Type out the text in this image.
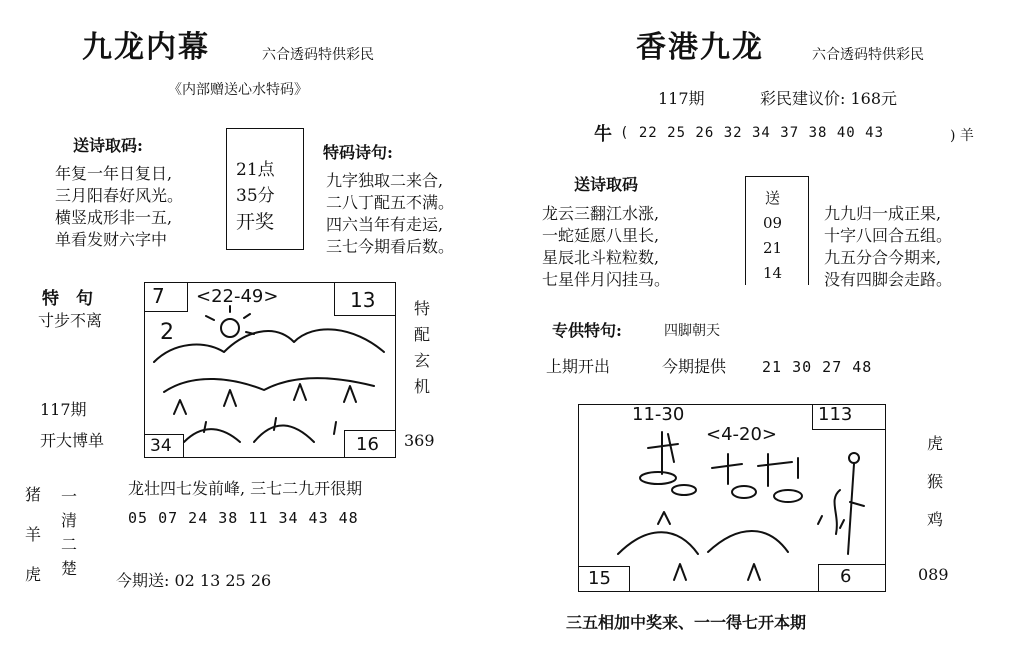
九龙内幕	六合透码特供彩民
《内部赠送心水特码》
送诗取码:
年复一年日复日,
三月阳春好风光。
横竖成形非一五,
单看发财六字中
21点
35分
开奖
特码诗句:
九字独取二来合,
二八丁配五不满。
四六当年有走运,
三七今期看后数。
特　句
寸步不离
117期
开大博单
7 <22-49>	13
2
34	16
特
配
玄
机
369
猪
羊
虎
一
清
二
楚
龙壮四七发前峰, 三七二九开很期
05 07 24 38 11 34 43 48
今期送: 02 13 25 26
香港九龙	六合透码特供彩民
117期	彩民建议价: 168元
牛 ( 22 25 26 32 34 37 38 40 43	) 羊
送诗取码
龙云三翻江水涨,
一蛇延愿八里长,
星辰北斗粒粒数,
七星伴月闪挂马。
送
09
21
14
九九归一成正果,
十字八回合五组。
九五分合今期来,
没有四脚会走路。
专供特句:	四脚朝天
上期开出	今期提供 21 30 27 48
11-30
<4-20>
113
15	6
虎
猴
鸡
089
三五相加中奖来、一一得七开本期
